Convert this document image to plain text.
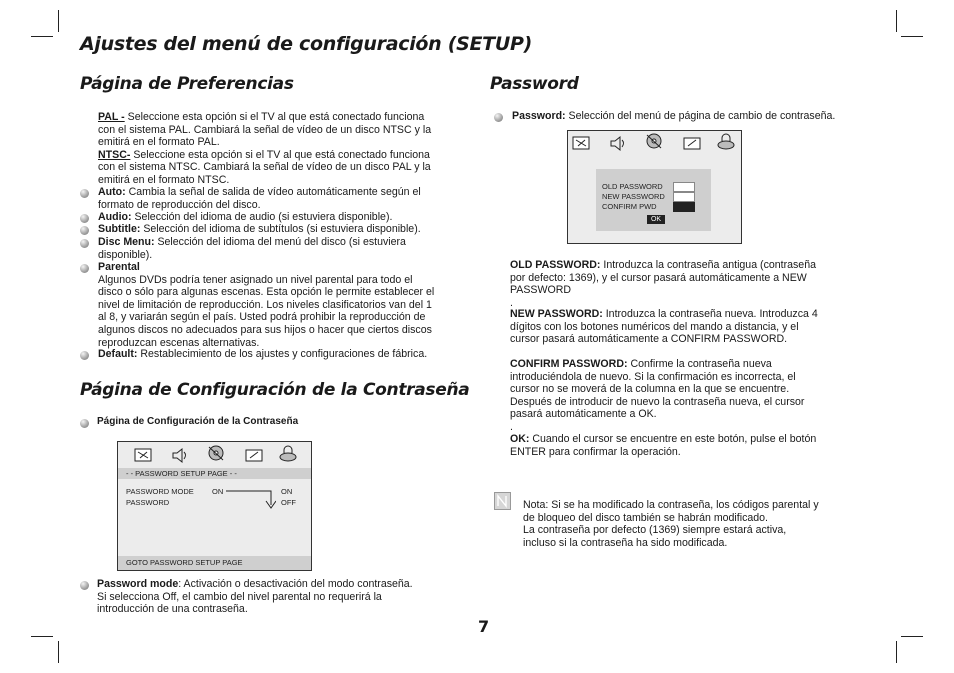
Ajustes del menú de configuración (SETUP)
Página de Preferencias
PAL - Seleccione esta opción si el TV al que está conectado funciona
con el sistema PAL. Cambiará la señal de vídeo de un disco NTSC y la
emitirá en el formato PAL.
NTSC- Seleccione esta opción si el TV al que está conectado funciona
con el sistema NTSC. Cambiará la señal de vídeo de un disco PAL y la
emitirá en el formato NTSC.
Auto: Cambia la señal de salida de vídeo automáticamente según el
formato de reproducción del disco.
Audio: Selección del idioma de audio (si estuviera disponible).
Subtitle: Selección del idioma de subtítulos (si estuviera disponible).
Disc Menu: Selección del idioma del menú del disco (si estuviera
disponible).
Parental
Algunos DVDs podría tener asignado un nivel parental para todo el
disco o sólo para algunas escenas. Esta opción le permite establecer el
nivel de limitación de reproducción. Los niveles clasificatorios van del 1
al 8, y variarán según el país. Usted podrá prohibir la reproducción de
algunos discos no adecuados para sus hijos o hacer que ciertos discos
reproduzcan escenas alternativas.
Default: Restablecimiento de los ajustes y configuraciones de fábrica.
Página de Configuración de la Contraseña
Página de Configuración de la Contraseña
- - PASSWORD SETUP PAGE - -
PASSWORD MODE ON
PASSWORD
ON
OFF
GOTO PASSWORD SETUP PAGE
Password mode: Activación o desactivación del modo contraseña.
Si selecciona Off, el cambio del nivel parental no requerirá la
introducción de una contraseña.
Password
Password: Selección del menú de página de cambio de contraseña.
OLD PASSWORD
NEW PASSWORD
CONFIRM PWD
OK
OLD PASSWORD: Introduzca la contraseña antigua (contraseña
por defecto: 1369), y el cursor pasará automáticamente a NEW
PASSWORD
.
NEW PASSWORD: Introduzca la contraseña nueva. Introduzca 4
dígitos con los botones numéricos del mando a distancia, y el
cursor pasará automáticamente a CONFIRM PASSWORD.
CONFIRM PASSWORD: Confirme la contraseña nueva
introduciéndola de nuevo. Si la confirmación es incorrecta, el
cursor no se moverá de la columna en la que se encuentre.
Después de introducir de nuevo la contraseña nueva, el cursor
pasará automáticamente a OK.
.
OK: Cuando el cursor se encuentre en este botón, pulse el botón
ENTER para confirmar la operación.
Nota: Si se ha modificado la contraseña, los códigos parental y
de bloqueo del disco también se habrán modificado.
La contraseña por defecto (1369) siempre estará activa,
incluso si la contraseña ha sido modificada.
7
